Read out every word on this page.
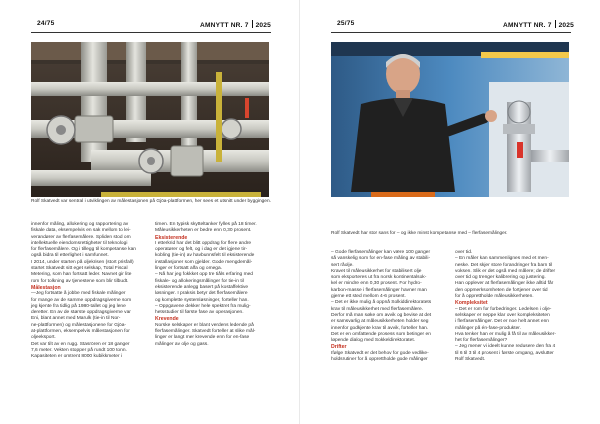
24/75	AMNYTT NR. 7 2025
Rolf Skatvedt var sentral i utviklingen av målestasjonen på Gjöa-plattformen, her sees et utsnitt under byggingen.

innenfor måling, allokering og rapportering av fiskale data, eksempelvis en sak mellom to lei-

verandører av flerfasemålere. Spliden stod om

intellektuelle eiendomsrettigheter til teknologi

for flerfasemålere. Og i tillegg til kompetanse kan

også bidra til etterlighet i samfunnet.

I 2014, under starten på oljekrisen (stort prisfall)

startet Skatvedt sitt eget selskap, Total Fiscal

Metering, som han fortsatt leder. Navnet gir lite

rom for tolkning av tjenestene som blir tilbudt.

Målestasjon

—Jeg fortsatte å jobbe med fiskale målinger

for mange av de samme oppdragsgiverne som

jeg kjente fra tidlig på 1980-tallet og jeg lene

deretter. En av de største oppdragsgiverne var

Eni, blant annet med Marulk (tie-in til Nor-

ne-plattformen) og målestasjonene for Gjöa-

at-plattformen, eksempelvis målestasjonen for

oljeeksport.

Det var tilt av en rugg. Stasrören er 18 ganger

7,6 meter. Vekten stopper på rundt 100 tonn.

Kapasiteten er omtrent 8000 kubikkmeter i

timen. En typisk skytteltanker fylles på 18 timer.

Måleusikkerheten er bedre enn 0,30 prosent.

Eksisterende

I etterkrid har det blitt oppdrag for flere andre

operatører og felt, og i dag er det igjene tir-

kobling (tie-in) av havbunnsfelt til eksisterende

installasjoner som gjelder. Gode mengdemål-

linger er fortsatt alfa og omega.

– Nå har jeg fokkket opp tre tiåls erfaring med

fiskale- og allokeringsmålinger for tie-in til

eksisterende anlegg basert på kostaffektive

løsninger. I praksis betyr det flerfasemålere

og komplette systemløsninger, forteller han.

– Oppgavene dekker hele spektret fra mulig-

hetsstudier til første fase av operasjonen.

Krevende

Norske selskaper er blant verdens ledende på

flerfasemålinger. Skatvedt forteller at slike mål-

linger er langt mer krevende enn for en-fase

målinger av olje og gass.

25/75	AMNYTT NR. 7 2025
Rolf Skatvedt har stor sans for – og ikke minst kompetanse med – flerfasemålinger.

– Gode flerfasemålinger kan være 100 ganger

så vanskelig som for en-fase måling av stabili-

sert råolje.

Kravet til måleusikkerhet for stabilisert olje

som eksporteres ut fra norsk kontinentalsok-

kel er mindre enn 0,30 prosent. For hydro-

karbon-masse i flerfasemålinger havner man

gjerne ett sted mellom 4-6 prosent.

– Det er ikke mulig å oppnå Solkiddirektoratets

krav til måleusikkerhet med flerfasemålere.

Derfor må man søke om avvik og bevise at det

er samsvarlig at måleusikkerheten holder seg

innenfor godkjente krav til avvik, forteller han.

Det er en omfattende prosess som betinger en

løpende dialog med Sokkeldirektoratet.

Drifter

Ifølge Skatvedt er det behov for gode vedlike-

holdsrutiner for å opprettholde gode målinger

over tid.

– En måler kan sammenlignes med et men-

neske. Det skjer store forandringer fra barn til

voksen. Slik er det også med målere; de drifter

over tid og trenger kalibrering og justering.

Han opplever at flerfasemålinger ikke alltid får

den oppmerksomheten de fortjener over tid

for å opprettholde måleusikkerheten.

Kompleksitet

– Det er rom for forbedringer. Ledelsen i olje-

selskaper er neppe klar over kompleksiteten

i flerfasemålinger. Det er noe helt annet enn

målinger på én-fase-produkter.

Hva tenker han er mulig å få til av måleusikker-

het for flerfasemålinger?

– Jeg mener vi ideelt kunne redusere den fra 4

til 6 til 3 til 4 prosent i første omgang, avslutter

Rolf Skatvedt.
